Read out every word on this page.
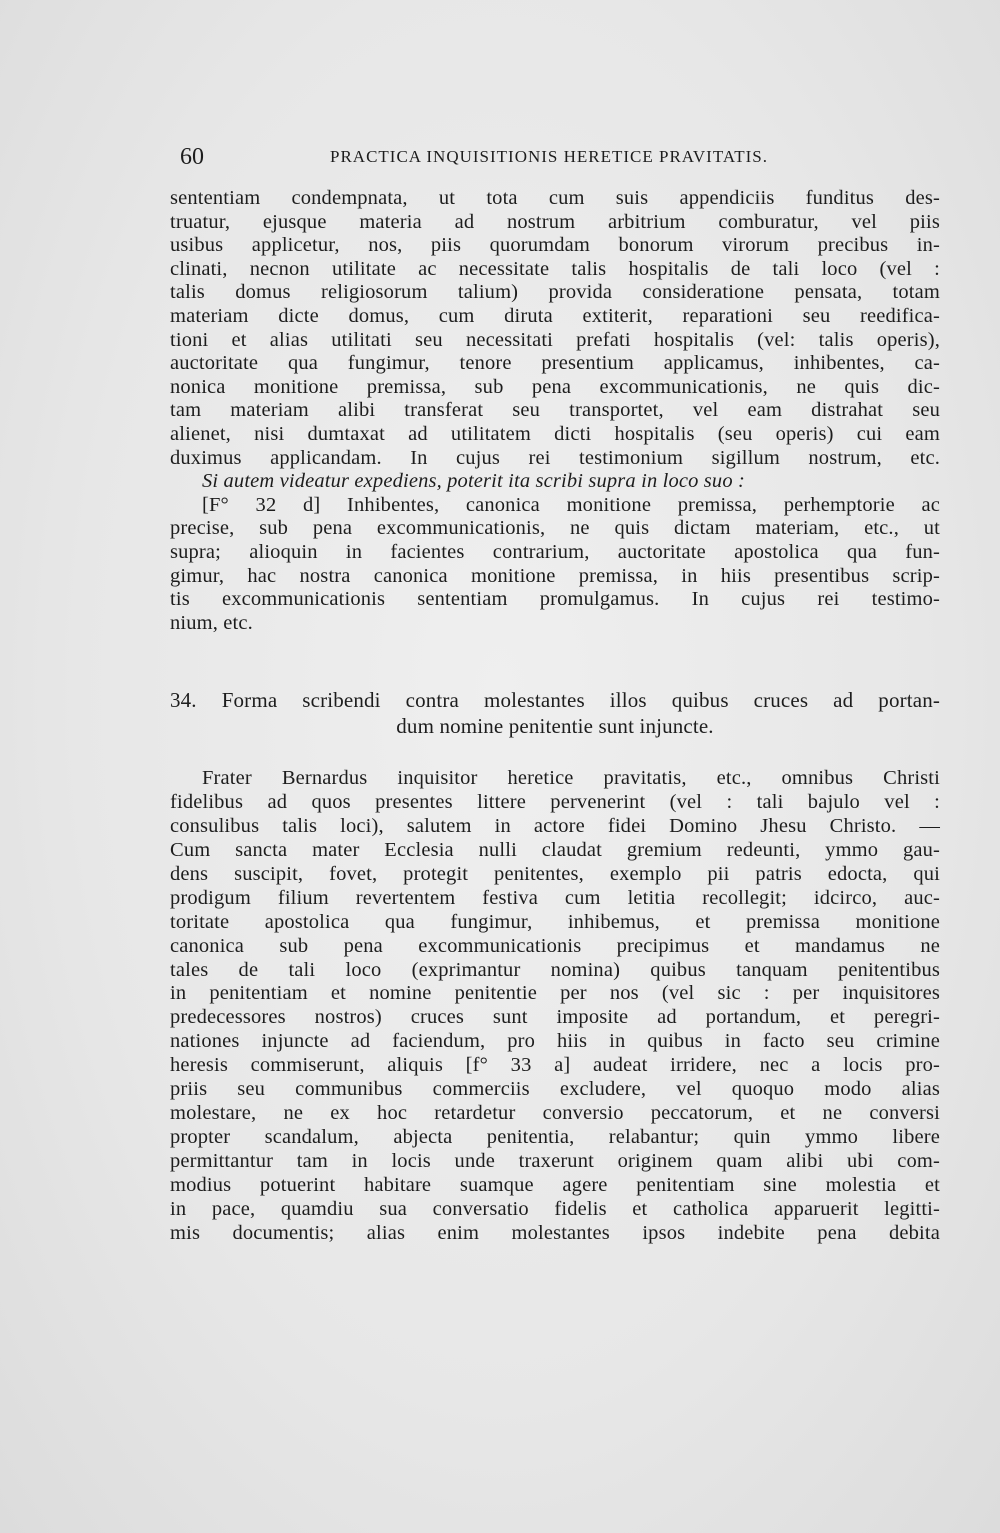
60	PRACTICA INQUISITIONIS HERETICE PRAVITATIS.
sententiam condempnata, ut tota cum suis appendiciis funditus des-
truatur, ejusque materia ad nostrum arbitrium comburatur, vel piis
usibus applicetur, nos, piis quorumdam bonorum virorum precibus in-
clinati, necnon utilitate ac necessitate talis hospitalis de tali loco (vel :
talis domus religiosorum talium) provida consideratione pensata, totam
materiam dicte domus, cum diruta extiterit, reparationi seu reedifica-
tioni et alias utilitati seu necessitati prefati hospitalis (vel: talis operis),
auctoritate qua fungimur, tenore presentium applicamus, inhibentes, ca-
nonica monitione premissa, sub pena excommunicationis, ne quis dic-
tam materiam alibi transferat seu transportet, vel eam distrahat seu
alienet, nisi dumtaxat ad utilitatem dicti hospitalis (seu operis) cui eam
duximus applicandam. In cujus rei testimonium sigillum nostrum, etc.
Si autem videatur expediens, poterit ita scribi supra in loco suo :
[F° 32 d] Inhibentes, canonica monitione premissa, perhemptorie ac
precise, sub pena excommunicationis, ne quis dictam materiam, etc., ut
supra; alioquin in facientes contrarium, auctoritate apostolica qua fun-
gimur, hac nostra canonica monitione premissa, in hiis presentibus scrip-
tis excommunicationis sententiam promulgamus. In cujus rei testimo-
nium, etc.
34. Forma scribendi contra molestantes illos quibus cruces ad portan-
dum nomine penitentie sunt injuncte.
Frater Bernardus inquisitor heretice pravitatis, etc., omnibus Christi
fidelibus ad quos presentes littere pervenerint (vel : tali bajulo vel :
consulibus talis loci), salutem in actore fidei Domino Jhesu Christo. —
Cum sancta mater Ecclesia nulli claudat gremium redeunti, ymmo gau-
dens suscipit, fovet, protegit penitentes, exemplo pii patris edocta, qui
prodigum filium revertentem festiva cum letitia recollegit; idcirco, auc-
toritate apostolica qua fungimur, inhibemus, et premissa monitione
canonica sub pena excommunicationis precipimus et mandamus ne
tales de tali loco (exprimantur nomina) quibus tanquam penitentibus
in penitentiam et nomine penitentie per nos (vel sic : per inquisitores
predecessores nostros) cruces sunt imposite ad portandum, et peregri-
nationes injuncte ad faciendum, pro hiis in quibus in facto seu crimine
heresis commiserunt, aliquis [f° 33 a] audeat irridere, nec a locis pro-
priis seu communibus commerciis excludere, vel quoquo modo alias
molestare, ne ex hoc retardetur conversio peccatorum, et ne conversi
propter scandalum, abjecta penitentia, relabantur; quin ymmo libere
permittantur tam in locis unde traxerunt originem quam alibi ubi com-
modius potuerint habitare suamque agere penitentiam sine molestia et
in pace, quamdiu sua conversatio fidelis et catholica apparuerit legitti-
mis documentis; alias enim molestantes ipsos indebite pena debita
